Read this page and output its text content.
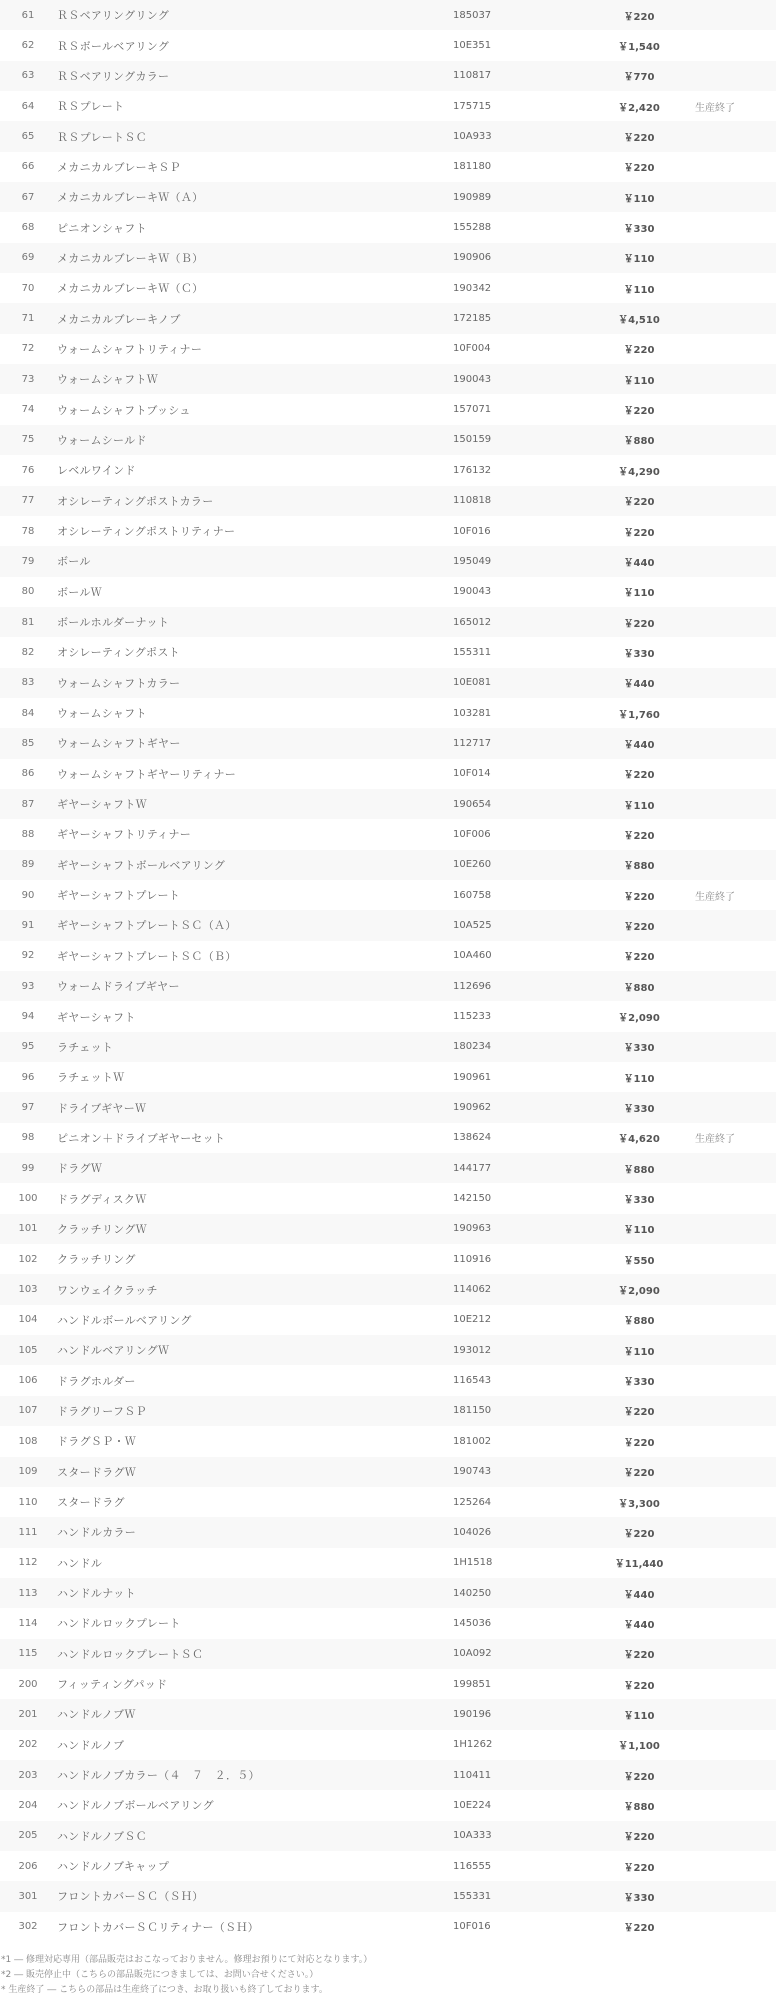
61	ＲＳベアリングリング	185037	￥220	
62	ＲＳボールベアリング	10E351	￥1,540	
63	ＲＳベアリングカラー	110817	￥770	
64	ＲＳプレート	175715	￥2,420	生産終了
65	ＲＳプレートＳＣ	10A933	￥220	
66	メカニカルブレーキＳＰ	181180	￥220	
67	メカニカルブレーキＷ（Ａ）	190989	￥110	
68	ピニオンシャフト	155288	￥330	
69	メカニカルブレーキＷ（Ｂ）	190906	￥110	
70	メカニカルブレーキＷ（Ｃ）	190342	￥110	
71	メカニカルブレーキノブ	172185	￥4,510	
72	ウォームシャフトリティナー	10F004	￥220	
73	ウォームシャフトＷ	190043	￥110	
74	ウォームシャフトブッシュ	157071	￥220	
75	ウォームシールド	150159	￥880	
76	レベルワインド	176132	￥4,290	
77	オシレーティングポストカラー	110818	￥220	
78	オシレーティングポストリティナー	10F016	￥220	
79	ボール	195049	￥440	
80	ボールＷ	190043	￥110	
81	ボールホルダーナット	165012	￥220	
82	オシレーティングポスト	155311	￥330	
83	ウォームシャフトカラー	10E081	￥440	
84	ウォームシャフト	103281	￥1,760	
85	ウォームシャフトギヤー	112717	￥440	
86	ウォームシャフトギヤーリティナー	10F014	￥220	
87	ギヤーシャフトＷ	190654	￥110	
88	ギヤーシャフトリティナー	10F006	￥220	
89	ギヤーシャフトボールベアリング	10E260	￥880	
90	ギヤーシャフトプレート	160758	￥220	生産終了
91	ギヤーシャフトプレートＳＣ（Ａ）	10A525	￥220	
92	ギヤーシャフトプレートＳＣ（Ｂ）	10A460	￥220	
93	ウォームドライブギヤー	112696	￥880	
94	ギヤーシャフト	115233	￥2,090	
95	ラチェット	180234	￥330	
96	ラチェットＷ	190961	￥110	
97	ドライブギヤーＷ	190962	￥330	
98	ピニオン＋ドライブギヤーセット	138624	￥4,620	生産終了
99	ドラグＷ	144177	￥880	
100	ドラグディスクＷ	142150	￥330	
101	クラッチリングＷ	190963	￥110	
102	クラッチリング	110916	￥550	
103	ワンウェイクラッチ	114062	￥2,090	
104	ハンドルボールベアリング	10E212	￥880	
105	ハンドルベアリングＷ	193012	￥110	
106	ドラグホルダー	116543	￥330	
107	ドラグリーフＳＰ	181150	￥220	
108	ドラグＳＰ・Ｗ	181002	￥220	
109	スタードラグＷ	190743	￥220	
110	スタードラグ	125264	￥3,300	
111	ハンドルカラー	104026	￥220	
112	ハンドル	1H1518	￥11,440	
113	ハンドルナット	140250	￥440	
114	ハンドルロックプレート	145036	￥440	
115	ハンドルロックプレートＳＣ	10A092	￥220	
200	フィッティングパッド	199851	￥220	
201	ハンドルノブＷ	190196	￥110	
202	ハンドルノブ	1H1262	￥1,100	
203	ハンドルノブカラー（４　７　２．５）	110411	￥220	
204	ハンドルノブボールベアリング	10E224	￥880	
205	ハンドルノブＳＣ	10A333	￥220	
206	ハンドルノブキャップ	116555	￥220	
301	フロントカバーＳＣ（ＳＨ）	155331	￥330	
302	フロントカバーＳＣリティナー（ＳＨ）	10F016	￥220	

*1 ― 修理対応専用（部品販売はおこなっておりません。修理お預りにて対応となります。）

*2 ― 販売停止中（こちらの部品販売につきましては、お問い合せください。）

* 生産終了 ― こちらの部品は生産終了につき、お取り扱いも終了しております。
